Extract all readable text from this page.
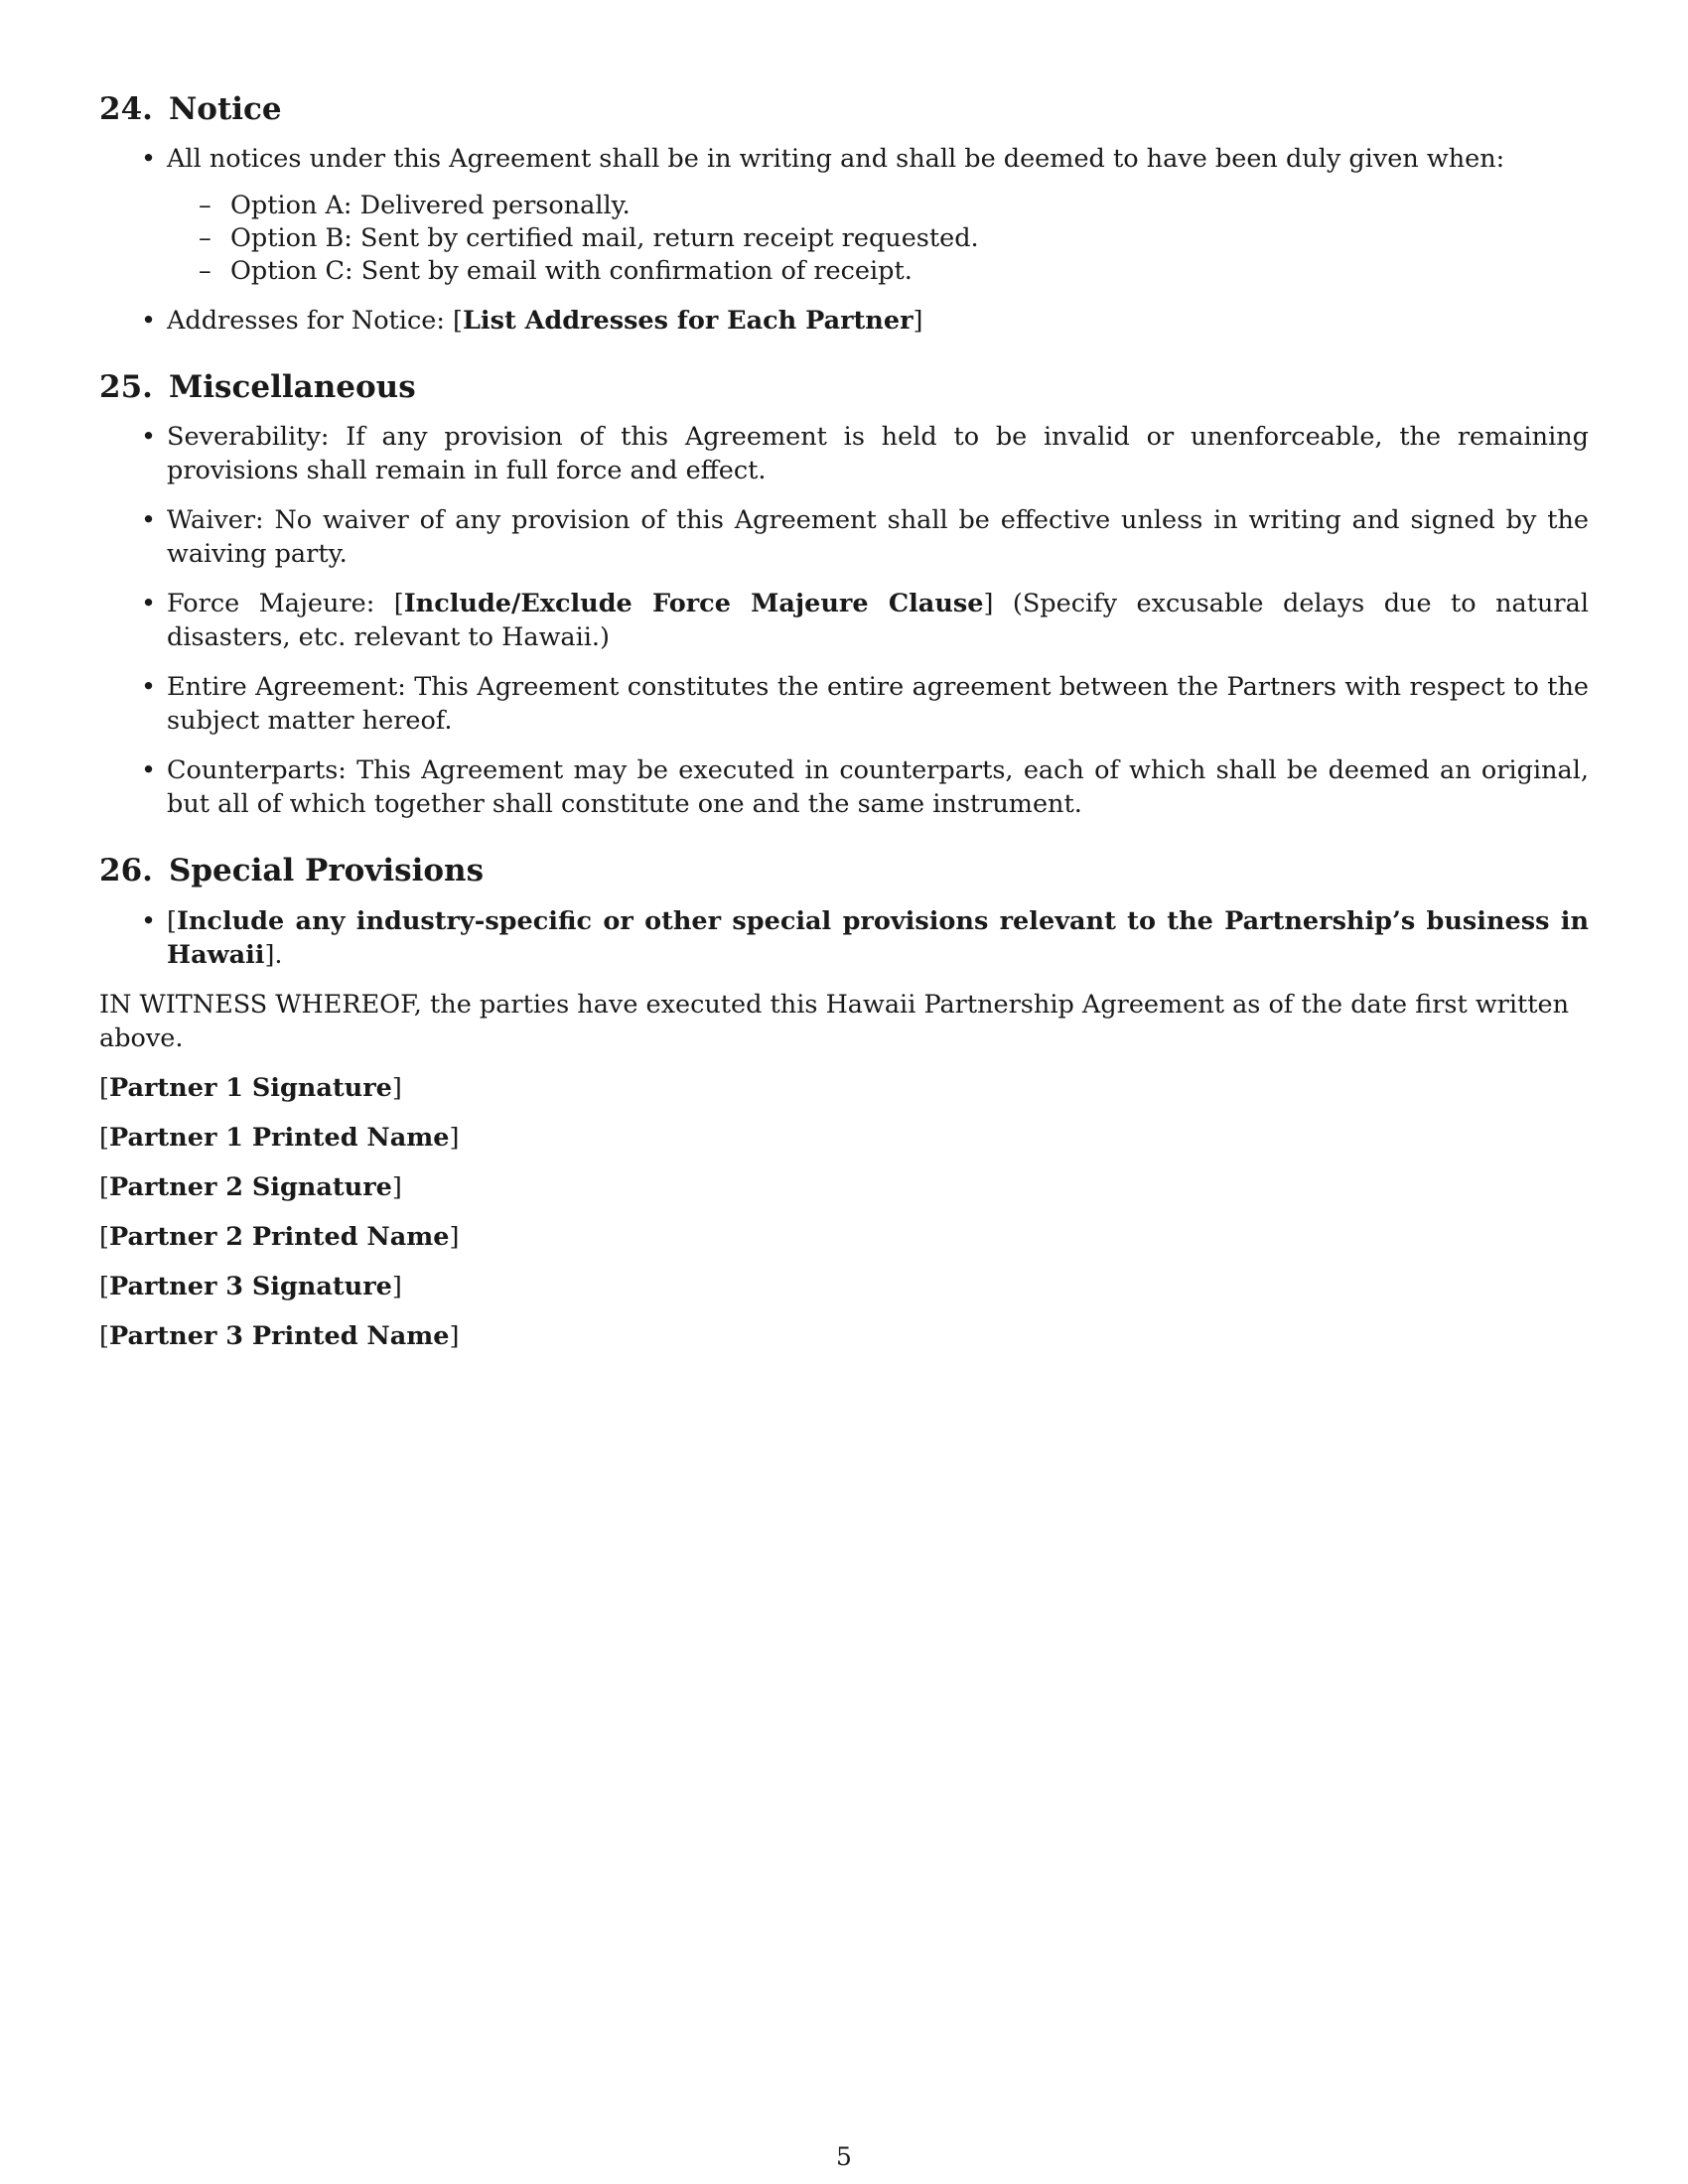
24. Notice
• All notices under this Agreement shall be in writing and shall be deemed to have been duly given when:
– Option A: Delivered personally.
– Option B: Sent by certified mail, return receipt requested.
– Option C: Sent by email with confirmation of receipt.
• Addresses for Notice: [List Addresses for Each Partner]
25. Miscellaneous
• Severability: If any provision of this Agreement is held to be invalid or unenforceable, the remaining provisions shall remain in full force and effect.
• Waiver: No waiver of any provision of this Agreement shall be effective unless in writing and signed by the waiving party.
• Force Majeure: [Include/Exclude Force Majeure Clause] (Specify excusable delays due to natural disasters, etc. relevant to Hawaii.)
• Entire Agreement: This Agreement constitutes the entire agreement between the Partners with respect to the subject matter hereof.
• Counterparts: This Agreement may be executed in counterparts, each of which shall be deemed an original, but all of which together shall constitute one and the same instrument.
26. Special Provisions
• [Include any industry-specific or other special provisions relevant to the Partnership’s business in Hawaii].

IN WITNESS WHEREOF, the parties have executed this Hawaii Partnership Agreement as of the date first written above.

[Partner 1 Signature]
[Partner 1 Printed Name]
[Partner 2 Signature]
[Partner 2 Printed Name]
[Partner 3 Signature]
[Partner 3 Printed Name]
5
